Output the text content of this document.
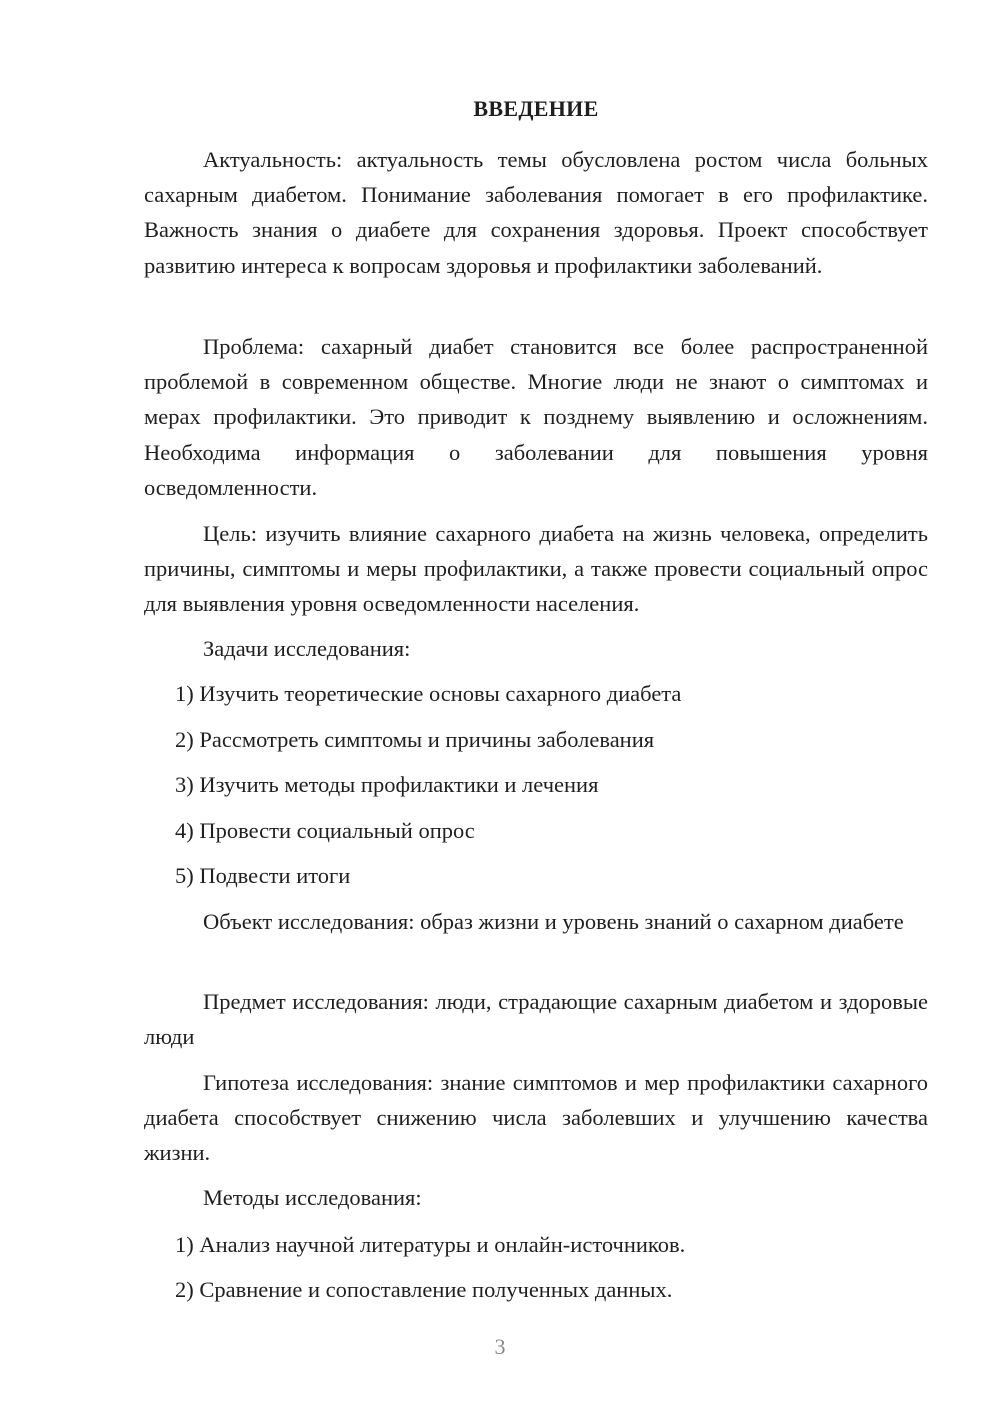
ВВЕДЕНИЕ

Актуальность: актуальность темы обусловлена ростом числа больных сахарным диабетом. Понимание заболевания помогает в его профилактике. Важность знания о диабете для сохранения здоровья. Проект способствует развитию интереса к вопросам здоровья и профилактики заболеваний.

Проблема: сахарный диабет становится все более распространенной проблемой в современном обществе. Многие люди не знают о симптомах и мерах профилактики. Это приводит к позднему выявлению и осложнениям. Необходима информация о заболевании для повышения уровня осведомленности.

Цель: изучить влияние сахарного диабета на жизнь человека, определить причины, симптомы и меры профилактики, а также провести социальный опрос для выявления уровня осведомленности населения.

Задачи исследования:

1) Изучить теоретические основы сахарного диабета
2) Рассмотреть симптомы и причины заболевания
3) Изучить методы профилактики и лечения
4) Провести социальный опрос
5) Подвести итоги

Объект исследования: образ жизни и уровень знаний о сахарном диабете

Предмет исследования: люди, страдающие сахарным диабетом и здоровые люди

Гипотеза исследования: знание симптомов и мер профилактики сахарного диабета способствует снижению числа заболевших и улучшению качества жизни.

Методы исследования:

1) Анализ научной литературы и онлайн-источников.
2) Сравнение и сопоставление полученных данных.
3
